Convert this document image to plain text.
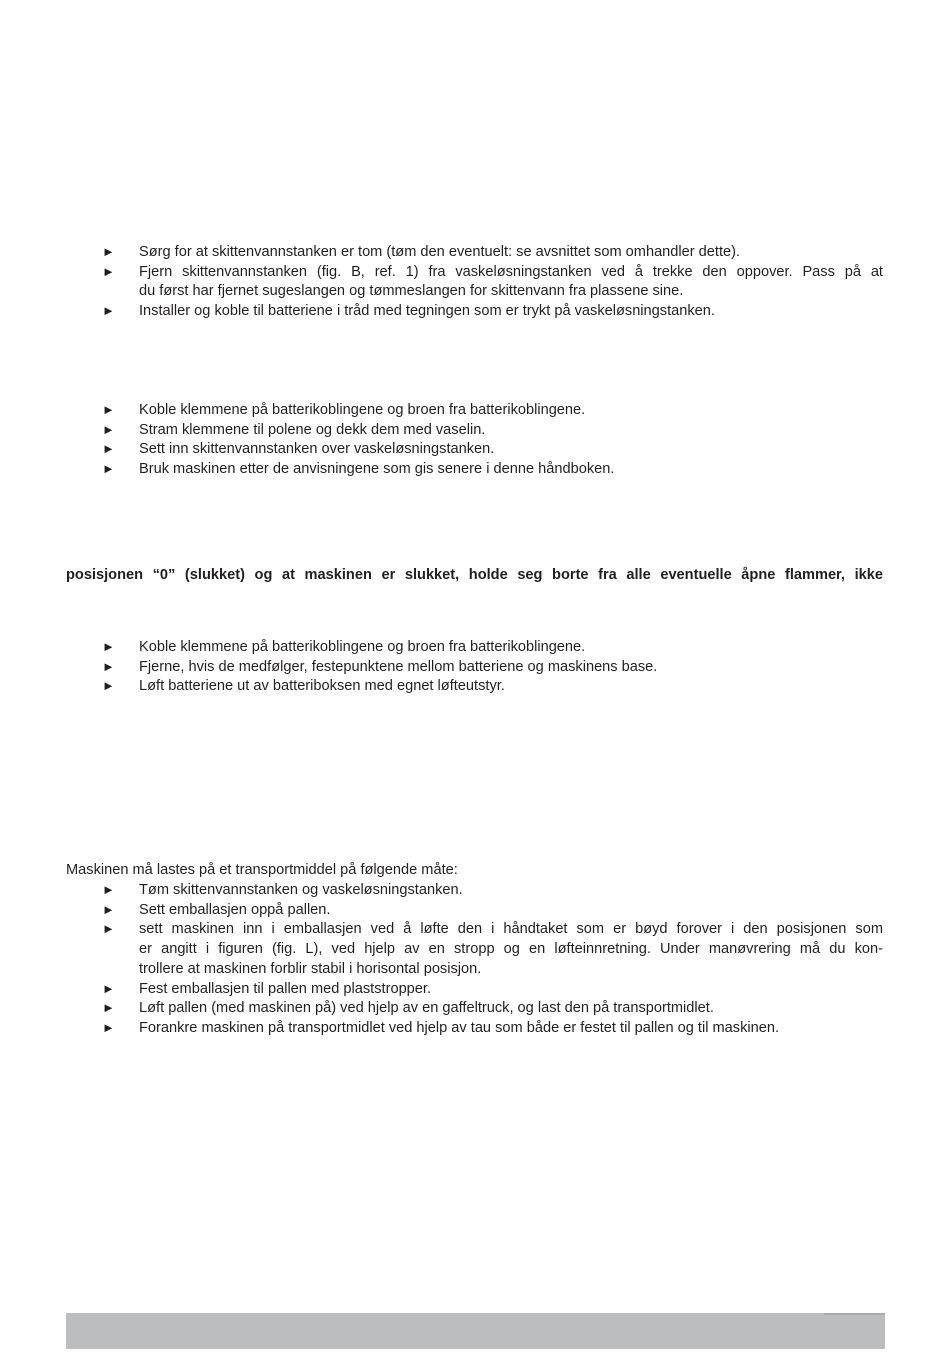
► Sørg for at skittenvannstanken er tom (tøm den eventuelt: se avsnittet som omhandler dette).
► Fjern skittenvannstanken (fig. B, ref. 1) fra vaskeløsningstanken ved å trekke den oppover. Pass på at
du først har fjernet sugeslangen og tømmeslangen for skittenvann fra plassene sine.
► Installer og koble til batteriene i tråd med tegningen som er trykt på vaskeløsningstanken.
► Koble klemmene på batterikoblingene og broen fra batterikoblingene.
► Stram klemmene til polene og dekk dem med vaselin.
► Sett inn skittenvannstanken over vaskeløsningstanken.
► Bruk maskinen etter de anvisningene som gis senere i denne håndboken.
posisjonen “0” (slukket) og at maskinen er slukket, holde seg borte fra alle eventuelle åpne flammer, ikke
► Koble klemmene på batterikoblingene og broen fra batterikoblingene.
► Fjerne, hvis de medfølger, festepunktene mellom batteriene og maskinens base.
► Løft batteriene ut av batteriboksen med egnet løfteutstyr.
Maskinen må lastes på et transportmiddel på følgende måte:
► Tøm skittenvannstanken og vaskeløsningstanken.
► Sett emballasjen oppå pallen.
► sett maskinen inn i emballasjen ved å løfte den i håndtaket som er bøyd forover i den posisjonen som
er angitt i figuren (fig. L), ved hjelp av en stropp og en løfteinnretning. Under manøvrering må du kon-
trollere at maskinen forblir stabil i horisontal posisjon.
► Fest emballasjen til pallen med plaststropper.
► Løft pallen (med maskinen på) ved hjelp av en gaffeltruck, og last den på transportmidlet.
► Forankre maskinen på transportmidlet ved hjelp av tau som både er festet til pallen og til maskinen.
